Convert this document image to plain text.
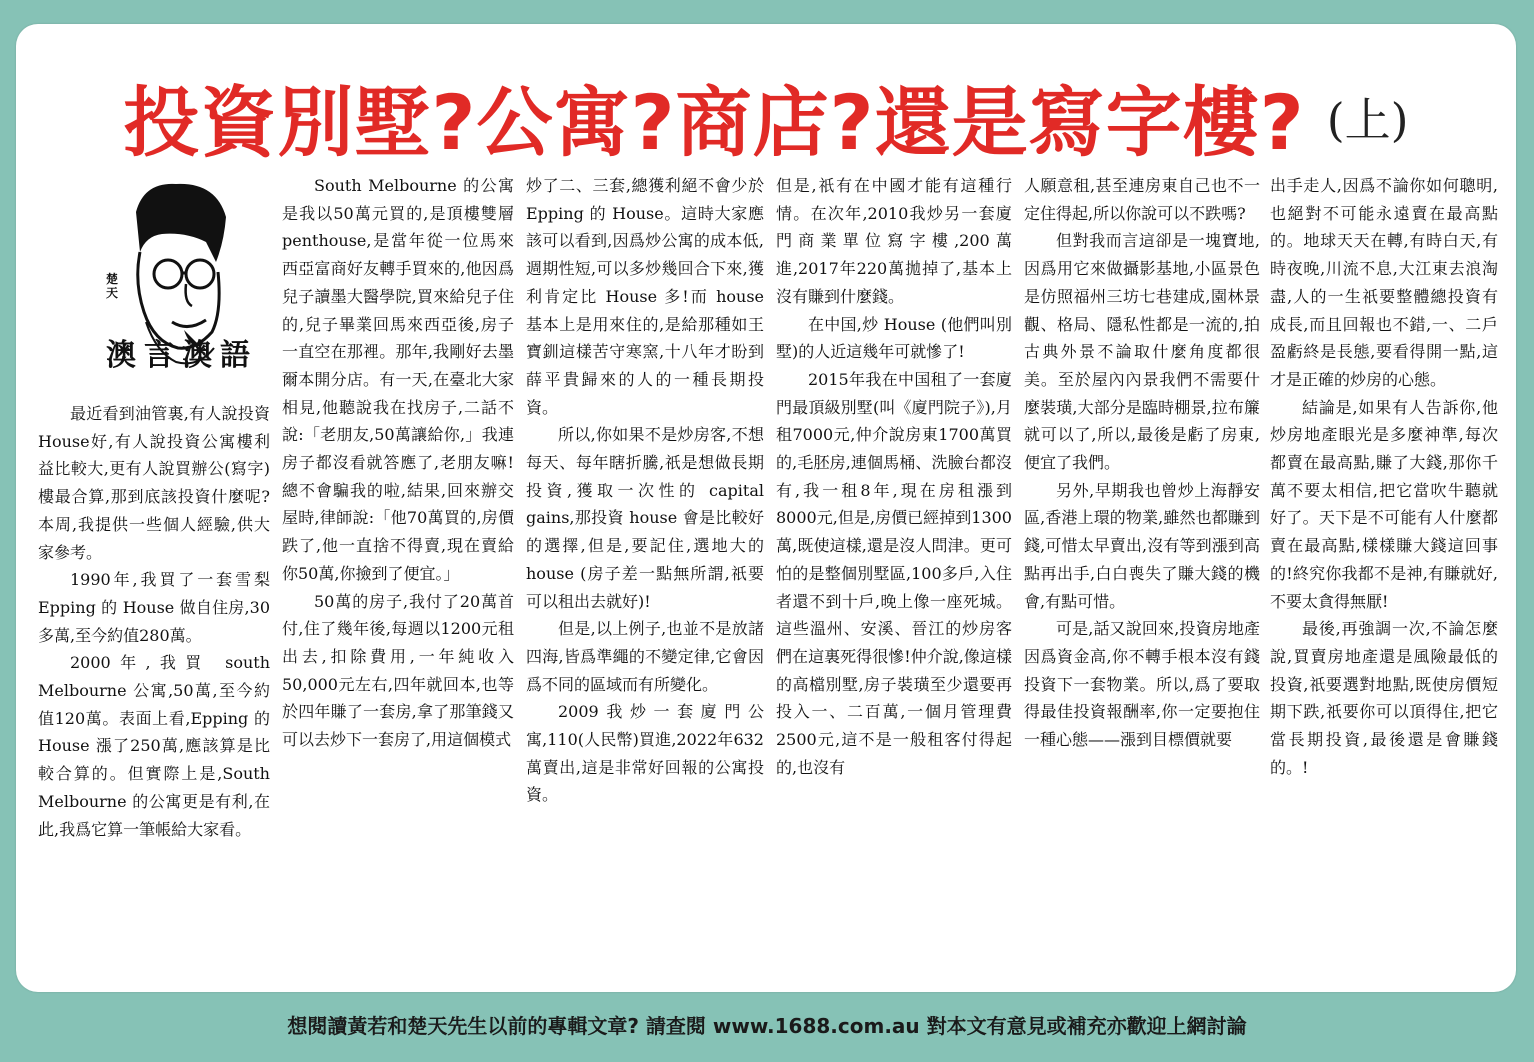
投資別墅?公寓?商店?還是寫字樓? (上)
楚天
澳言澳語

最近看到油管裏,有人說投資House好,有人說投資公寓樓利益比較大,更有人說買辦公(寫字)樓最合算,那到底該投資什麼呢?本周,我提供一些個人經驗,供大家參考。

1990年,我買了一套雪梨 Epping 的 House 做自住房,30多萬,至今約值280萬。

2000年,我買 south Melbourne 公寓,50萬,至今約值120萬。表面上看,Epping 的House 漲了250萬,應該算是比較合算的。但實際上是,South Melbourne 的公寓更是有利,在此,我爲它算一筆帳給大家看。

South Melbourne 的公寓是我以50萬元買的,是頂樓雙層 penthouse,是當年從一位馬來西亞富商好友轉手買來的,他因爲兒子讀墨大醫學院,買來給兒子住的,兒子畢業回馬來西亞後,房子一直空在那裡。那年,我剛好去墨爾本開分店。有一天,在臺北大家相見,他聽說我在找房子,二話不說:「老朋友,50萬讓給你,」我連房子都沒看就答應了,老朋友嘛!總不會騙我的啦,結果,回來辦交屋時,律師說:「他70萬買的,房價跌了,他一直捨不得賣,現在賣給你50萬,你撿到了便宜。」

50萬的房子,我付了20萬首付,住了幾年後,每週以1200元租出去,扣除費用,一年純收入50,000元左右,四年就回本,也等於四年賺了一套房,拿了那筆錢又可以去炒下一套房了,用這個模式

炒了二、三套,總獲利絕不會少於 Epping 的 House。這時大家應該可以看到,因爲炒公寓的成本低,週期性短,可以多炒幾回合下來,獲利肯定比 House 多!而 house 基本上是用來住的,是給那種如王寶釧這樣苦守寒窯,十八年才盼到薛平貴歸來的人的一種長期投資。

所以,你如果不是炒房客,不想每天、每年瞎折騰,祇是想做長期投資,獲取一次性的 capital gains,那投資 house 會是比較好的選擇,但是,要記住,選地大的 house (房子差一點無所謂,祇要可以租出去就好)!

但是,以上例子,也並不是放諸四海,皆爲準繩的不變定律,它會因爲不同的區域而有所變化。

2009我炒一套廈門公寓,110(人民幣)買進,2022年632萬賣出,這是非常好回報的公寓投資。

但是,祇有在中國才能有這種行情。在次年,2010我炒另一套廈門商業單位寫字樓,200萬進,2017年220萬拋掉了,基本上沒有賺到什麼錢。

在中国,炒 House (他們叫別墅)的人近這幾年可就慘了!

2015年我在中国租了一套廈門最頂級別墅(叫《廈門院子》),月租7000元,仲介說房東1700萬買的,毛胚房,連個馬桶、洗臉台都沒有,我一租8年,現在房租漲到8000元,但是,房價已經掉到1300萬,既使這樣,還是沒人問津。更可怕的是整個別墅區,100多戶,入住者還不到十戶,晚上像一座死城。這些溫州、安溪、晉江的炒房客們在這裏死得很慘!仲介說,像這樣的高檔別墅,房子裝璜至少還要再投入一、二百萬,一個月管理費2500元,這不是一般租客付得起的,也沒有

人願意租,甚至連房東自己也不一定住得起,所以你說可以不跌嗎?

但對我而言這卻是一塊寶地,因爲用它來做攝影基地,小區景色是仿照福州三坊七巷建成,園林景觀、格局、隱私性都是一流的,拍古典外景不論取什麼角度都很美。至於屋內內景我們不需要什麼裝璜,大部分是臨時棚景,拉布簾就可以了,所以,最後是虧了房東,便宜了我們。

另外,早期我也曾炒上海靜安區,香港上環的物業,雖然也都賺到錢,可惜太早賣出,沒有等到漲到高點再出手,白白喪失了賺大錢的機會,有點可惜。

可是,話又說回來,投資房地產因爲資金高,你不轉手根本沒有錢投資下一套物業。所以,爲了要取得最佳投資報酬率,你一定要抱住一種心態——漲到目標價就要

出手走人,因爲不論你如何聰明,也絕對不可能永遠賣在最高點的。地球天天在轉,有時白天,有時夜晚,川流不息,大江東去浪淘盡,人的一生祇要整體總投資有成長,而且回報也不錯,一、二戶盈虧終是長態,要看得開一點,這才是正確的炒房的心態。

結論是,如果有人告訴你,他炒房地產眼光是多麼神準,每次都賣在最高點,賺了大錢,那你千萬不要太相信,把它當吹牛聽就好了。天下是不可能有人什麼都賣在最高點,樣樣賺大錢這回事的!終究你我都不是神,有賺就好,不要太貪得無厭!

最後,再強調一次,不論怎麼說,買賣房地產還是風險最低的投資,祇要選對地點,既使房價短期下跌,祇要你可以頂得住,把它當長期投資,最後還是會賺錢的。!

想閱讀黃若和楚天先生以前的專輯文章? 請查閱 www.1688.com.au 對本文有意見或補充亦歡迎上網討論
